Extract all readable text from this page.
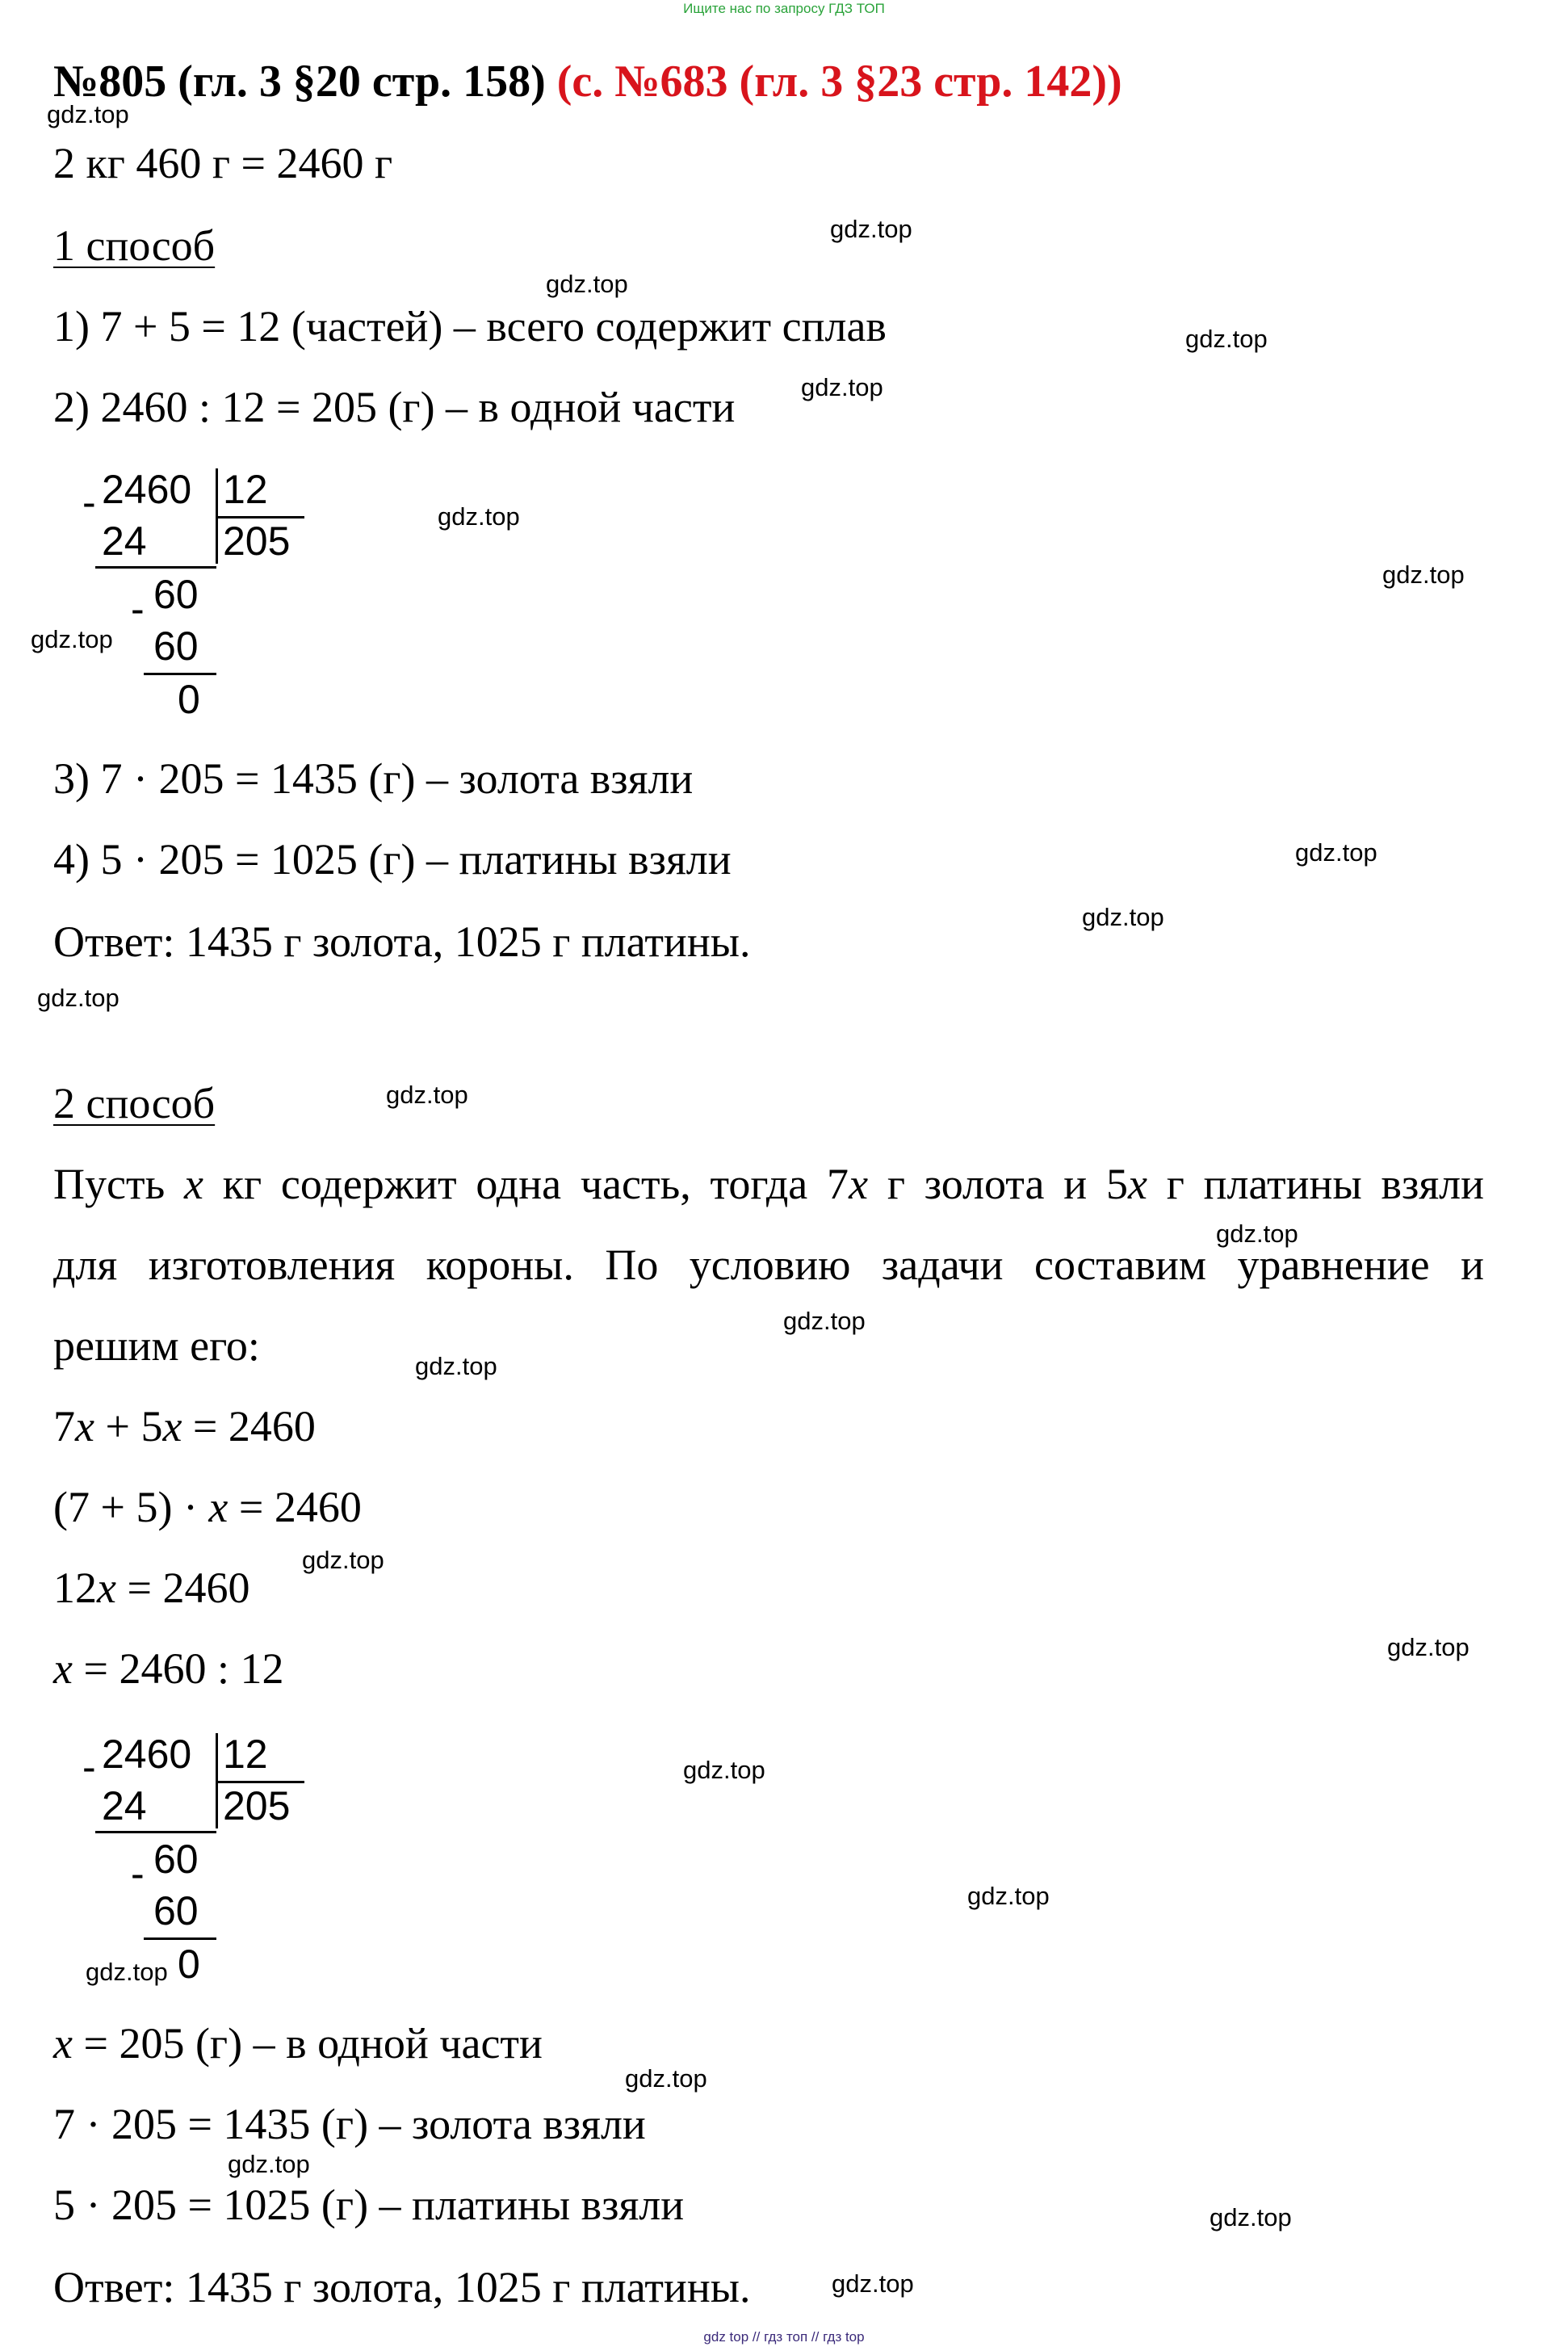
Ищите нас по запросу ГДЗ ТОП
№805 (гл. 3 §20 стр. 158) (с. №683 (гл. 3 §23 стр. 142))
2 кг 460 г = 2460 г
1 способ
1) 7 + 5 = 12 (частей) – всего содержит сплав
2) 2460 : 12 = 205 (г) – в одной части
- 2460 12
24 205
60
-
60
0
3) 7 · 205 = 1435 (г) – золота взяли
4) 5 · 205 = 1025 (г) – платины взяли
Ответ: 1435 г золота, 1025 г платины.
2 способ
Пусть x кг содержит одна часть, тогда 7x г золота и 5x г платины взяли
для изготовления короны. По условию задачи составим уравнение и
решим его:
7x + 5x = 2460
(7 + 5) · x = 2460
12x = 2460
x = 2460 : 12
- 2460 12
24 205
60
-
60
0
x = 205 (г) – в одной части
7 · 205 = 1435 (г) – золота взяли
5 · 205 = 1025 (г) – платины взяли
Ответ: 1435 г золота, 1025 г платины.
gdz.top
gdz.top
gdz.top
gdz.top
gdz.top
gdz.top
gdz.top
gdz.top
gdz.top
gdz.top
gdz.top
gdz.top
gdz.top
gdz.top
gdz.top
gdz.top
gdz.top
gdz.top
gdz.top
gdz.top
gdz.top
gdz.top
gdz.top
gdz.top
gdz top // гдз топ // гдз top
